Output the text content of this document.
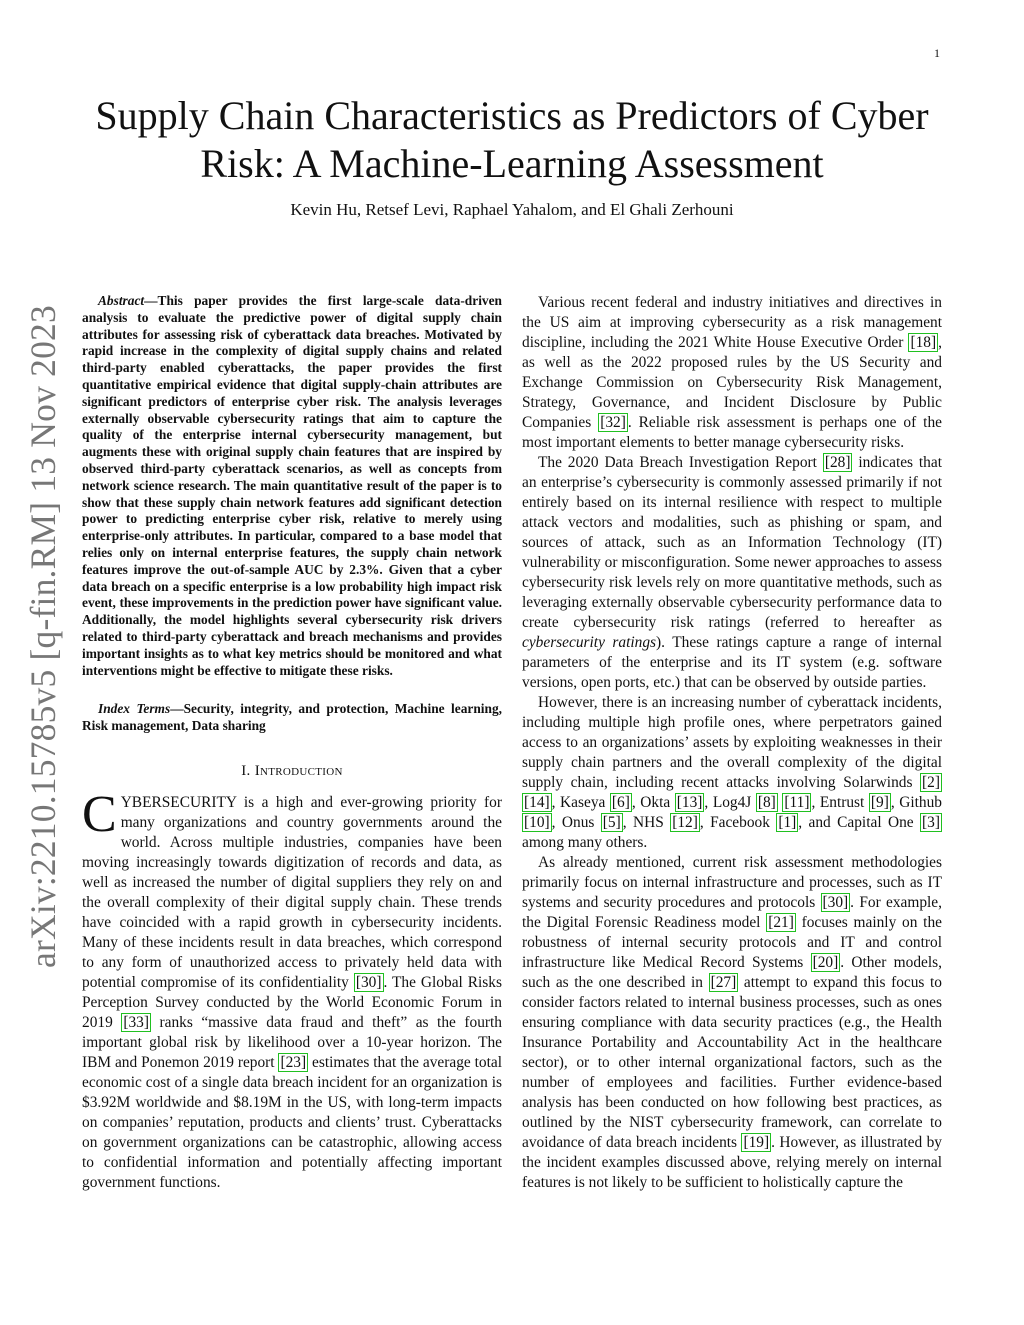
1
arXiv:2210.15785v5 [q-fin.RM] 13 Nov 2023
Supply Chain Characteristics as Predictors of Cyber
Risk: A Machine-Learning Assessment

Kevin Hu, Retsef Levi, Raphael Yahalom, and El Ghali Zerhouni

Abstract—This paper provides the first large-scale data-driven analysis to evaluate the predictive power of digital supply chain attributes for assessing risk of cyberattack data breaches. Motivated by rapid increase in the complexity of digital supply chains and related third-party enabled cyberattacks, the paper provides the first quantitative empirical evidence that digital supply-chain attributes are significant predictors of enterprise cyber risk. The analysis leverages externally observable cybersecurity ratings that aim to capture the quality of the enterprise internal cybersecurity management, but augments these with original supply chain features that are inspired by observed third-party cyberattack scenarios, as well as concepts from network science research. The main quantitative result of the paper is to show that these supply chain network features add significant detection power to predicting enterprise cyber risk, relative to merely using enterprise-only attributes. In particular, compared to a base model that relies only on internal enterprise features, the supply chain network features improve the out-of-sample AUC by 2.3%. Given that a cyber data breach on a specific enterprise is a low probability high impact risk event, these improvements in the prediction power have significant value. Additionally, the model highlights several cybersecurity risk drivers related to third-party cyberattack and breach mechanisms and provides important insights as to what key metrics should be monitored and what interventions might be effective to mitigate these risks.

Index Terms—Security, integrity, and protection, Machine learning, Risk management, Data sharing

I. Introduction

CYBERSECURITY is a high and ever-growing priority for many organizations and country governments around the world. Across multiple industries, companies have been moving increasingly towards digitization of records and data, as well as increased the number of digital suppliers they rely on and the overall complexity of their digital supply chain. These trends have coincided with a rapid growth in cybersecurity incidents. Many of these incidents result in data breaches, which correspond to any form of unauthorized access to privately held data with potential compromise of its confidentiality [30] . The Global Risks Perception Survey conducted by the World Economic Forum in 2019 [33] ranks “massive data fraud and theft” as the fourth important global risk by likelihood over a 10-year horizon. The IBM and Ponemon 2019 report [23] estimates that the average total economic cost of a single data breach incident for an organization is $3.92M worldwide and $8.19M in the US, with long-term impacts on companies’ reputation, products and clients’ trust. Cyberattacks on government organizations can be catastrophic, allowing access to confidential information and potentially affecting important government functions.

Various recent federal and industry initiatives and directives in the US aim at improving cybersecurity as a risk management discipline, including the 2021 White House Executive Order [18] , as well as the 2022 proposed rules by the US Security and Exchange Commission on Cybersecurity Risk Management, Strategy, Governance, and Incident Disclosure by Public Companies [32] . Reliable risk assessment is perhaps one of the most important elements to better manage cybersecurity risks.

The 2020 Data Breach Investigation Report [28] indicates that an enterprise’s cybersecurity is commonly assessed primarily if not entirely based on its internal resilience with respect to multiple attack vectors and modalities, such as phishing or spam, and sources of attack, such as an Information Technology (IT) vulnerability or misconfiguration. Some newer approaches to assess cybersecurity risk levels rely on more quantitative methods, such as leveraging externally observable cybersecurity performance data to create cybersecurity risk ratings (referred to hereafter as cybersecurity ratings). These ratings capture a range of internal parameters of the enterprise and its IT system (e.g. software versions, open ports, etc.) that can be observed by outside parties.

However, there is an increasing number of cyberattack incidents, including multiple high profile ones, where perpetrators gained access to an organizations’ assets by exploiting weaknesses in their supply chain partners and the overall complexity of the digital supply chain, including recent attacks involving Solarwinds [2] [14] , Kaseya [6] , Okta [13] , Log4J [8] [11] , Entrust [9] , Github [10] , Onus [5] , NHS [12] , Facebook [1] , and Capital One [3] among many others.

As already mentioned, current risk assessment methodologies primarily focus on internal infrastructure and processes, such as IT systems and security procedures and protocols [30] . For example, the Digital Forensic Readiness model [21] focuses mainly on the robustness of internal security protocols and IT and control infrastructure like Medical Record Systems [20] . Other models, such as the one described in [27] attempt to expand this focus to consider factors related to internal business processes, such as ones ensuring compliance with data security practices (e.g., the Health Insurance Portability and Accountability Act in the healthcare sector), or to other internal organizational factors, such as the number of employees and facilities. Further evidence-based analysis has been conducted on how following best practices, as outlined by the NIST cybersecurity framework, can correlate to avoidance of data breach incidents [19] . However, as illustrated by the incident examples discussed above, relying merely on internal features is not likely to be sufficient to holistically capture the
